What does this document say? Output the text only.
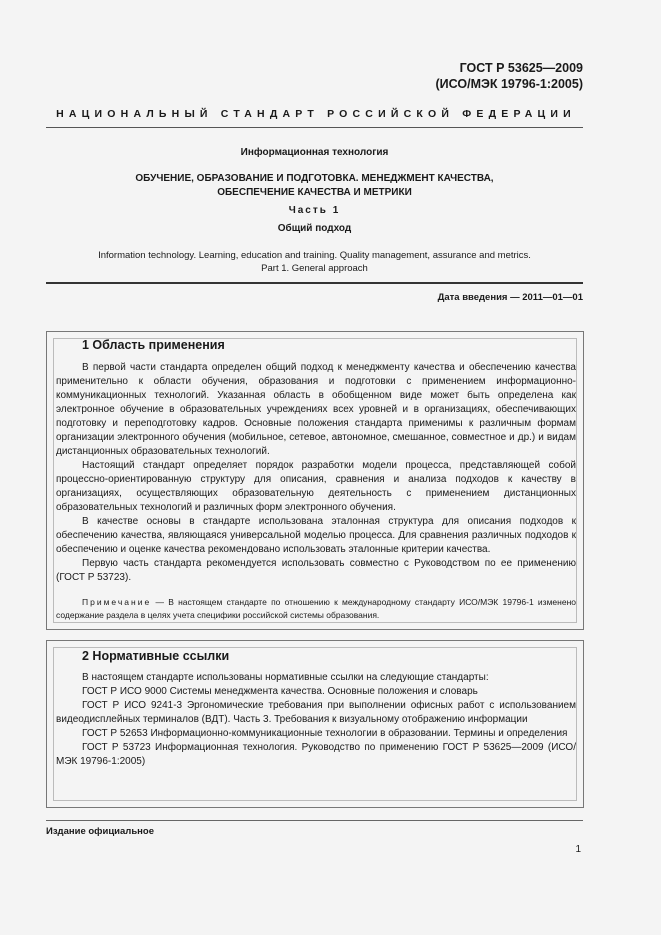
ГОСТ Р 53625—2009
(ИСО/МЭК 19796-1:2005)
НАЦИОНАЛЬНЫЙ СТАНДАРТ РОССИЙСКОЙ ФЕДЕРАЦИИ
Информационная технология
ОБУЧЕНИЕ, ОБРАЗОВАНИЕ И ПОДГОТОВКА. МЕНЕДЖМЕНТ КАЧЕСТВА,
ОБЕСПЕЧЕНИЕ КАЧЕСТВА И МЕТРИКИ
Часть 1
Общий подход
Information technology. Learning, education and training. Quality management, assurance and metrics.
Part 1. General approach
Дата введения — 2011—01—01
1 Область применения

В первой части стандарта определен общий подход к менеджменту качества и обеспечению качества применительно к области обучения, образования и подготовки с применением информационно-коммуникационных технологий. Указанная область в обобщенном виде может быть определена как электронное обучение в образовательных учреждениях всех уровней и в организациях, обеспечивающих подготовку и переподготовку кадров. Основные положения стандарта применимы к различным формам организации электронного обучения (мобильное, сетевое, автономное, смешанное, совместное и др.) и видам дистанционных образовательных технологий.

Настоящий стандарт определяет порядок разработки модели процесса, представляющей собой процессно-ориентированную структуру для описания, сравнения и анализа подходов к качеству в организациях, осуществляющих образовательную деятельность с применением дистанционных образовательных технологий и различных форм электронного обучения.

В качестве основы в стандарте использована эталонная структура для описания подходов к обеспечению качества, являющаяся универсальной моделью процесса. Для сравнения различных подходов к обеспечению и оценке качества рекомендовано использовать эталонные критерии качества.

Первую часть стандарта рекомендуется использовать совместно с Руководством по ее применению (ГОСТ Р 53723).

Примечание — В настоящем стандарте по отношению к международному стандарту ИСО/МЭК 19796-1 изменено содержание раздела в целях учета специфики российской системы образования.

2 Нормативные ссылки

В настоящем стандарте использованы нормативные ссылки на следующие стандарты:

ГОСТ Р ИСО 9000 Системы менеджмента качества. Основные положения и словарь

ГОСТ Р ИСО 9241-3 Эргономические требования при выполнении офисных работ с использованием видеодисплейных терминалов (ВДТ). Часть 3. Требования к визуальному отображению информации

ГОСТ Р 52653 Информационно-коммуникационные технологии в образовании. Термины и определения

ГОСТ Р 53723 Информационная технология. Руководство по применению ГОСТ Р 53625—2009 (ИСО/МЭК 19796-1:2005)

Издание официальное
1
